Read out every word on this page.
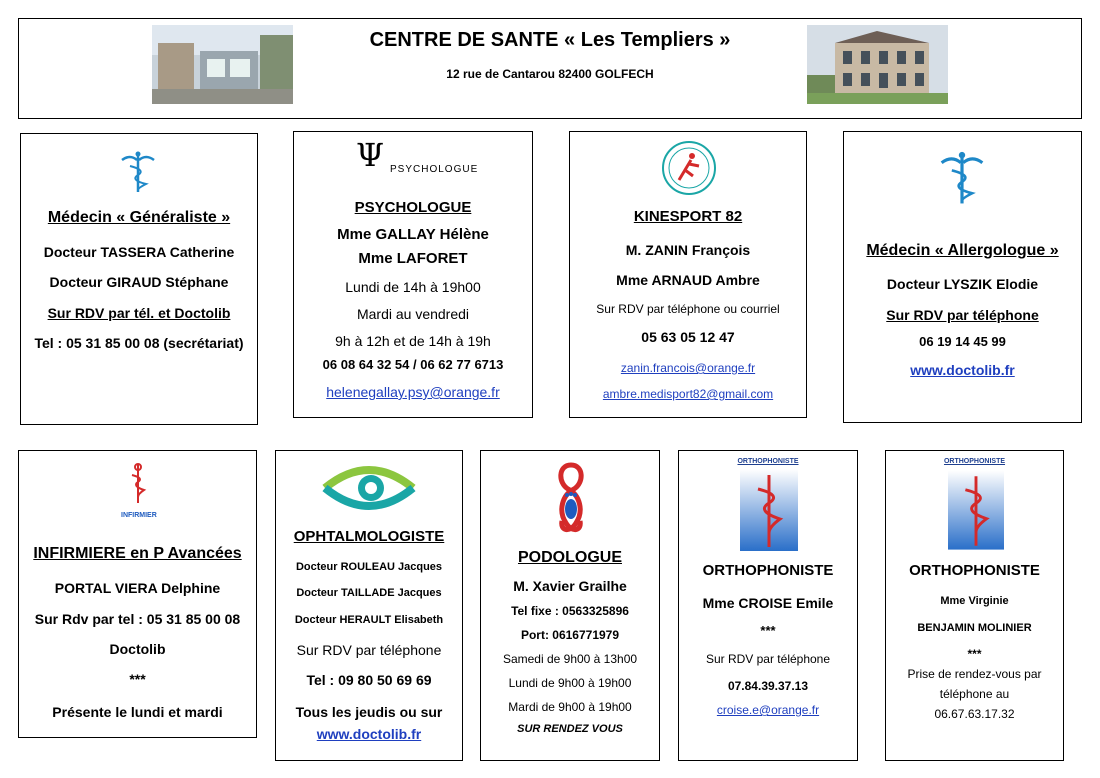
CENTRE DE SANTE « Les Templiers »
12 rue de Cantarou 82400 GOLFECH
Médecin « Généraliste »
Docteur TASSERA Catherine
Docteur GIRAUD Stéphane
Sur RDV par tél. et Doctolib
Tel : 05 31 85 00 08 (secrétariat)
Ψ PSYCHOLOGUE
PSYCHOLOGUE
Mme GALLAY Hélène
Mme LAFORET
Lundi de 14h à 19h00
Mardi au vendredi
9h à 12h et de 14h à 19h
06 08 64 32 54 / 06 62 77 6713
helenegallay.psy@orange.fr
KINESPORT 82
M. ZANIN François
Mme ARNAUD Ambre
Sur RDV par téléphone ou courriel
05 63 05 12 47
zanin.francois@orange.fr
ambre.medisport82@gmail.com
Médecin « Allergologue »
Docteur LYSZIK Elodie
Sur RDV par téléphone
06 19 14 45 99
www.doctolib.fr
INFIRMIER
INFIRMIERE en P Avancées
PORTAL VIERA Delphine
Sur Rdv par tel : 05 31 85 00 08
Doctolib
***
Présente le lundi et mardi
OPHTALMOLOGISTE
Docteur ROULEAU Jacques
Docteur TAILLADE Jacques
Docteur HERAULT Elisabeth
Sur RDV par téléphone
Tel : 09 80 50 69 69
Tous les jeudis ou sur
www.doctolib.fr
PODOLOGUE
M. Xavier Grailhe
Tel fixe : 0563325896
Port: 0616771979
Samedi de 9h00 à 13h00
Lundi de 9h00 à 19h00
Mardi de 9h00 à 19h00
SUR RENDEZ VOUS
ORTHOPHONISTE
ORTHOPHONISTE
Mme CROISE Emile
***
Sur RDV par téléphone
07.84.39.37.13
croise.e@orange.fr
ORTHOPHONISTE
ORTHOPHONISTE
Mme Virginie
BENJAMIN MOLINIER
***
Prise de rendez-vous par
téléphone au
06.67.63.17.32
